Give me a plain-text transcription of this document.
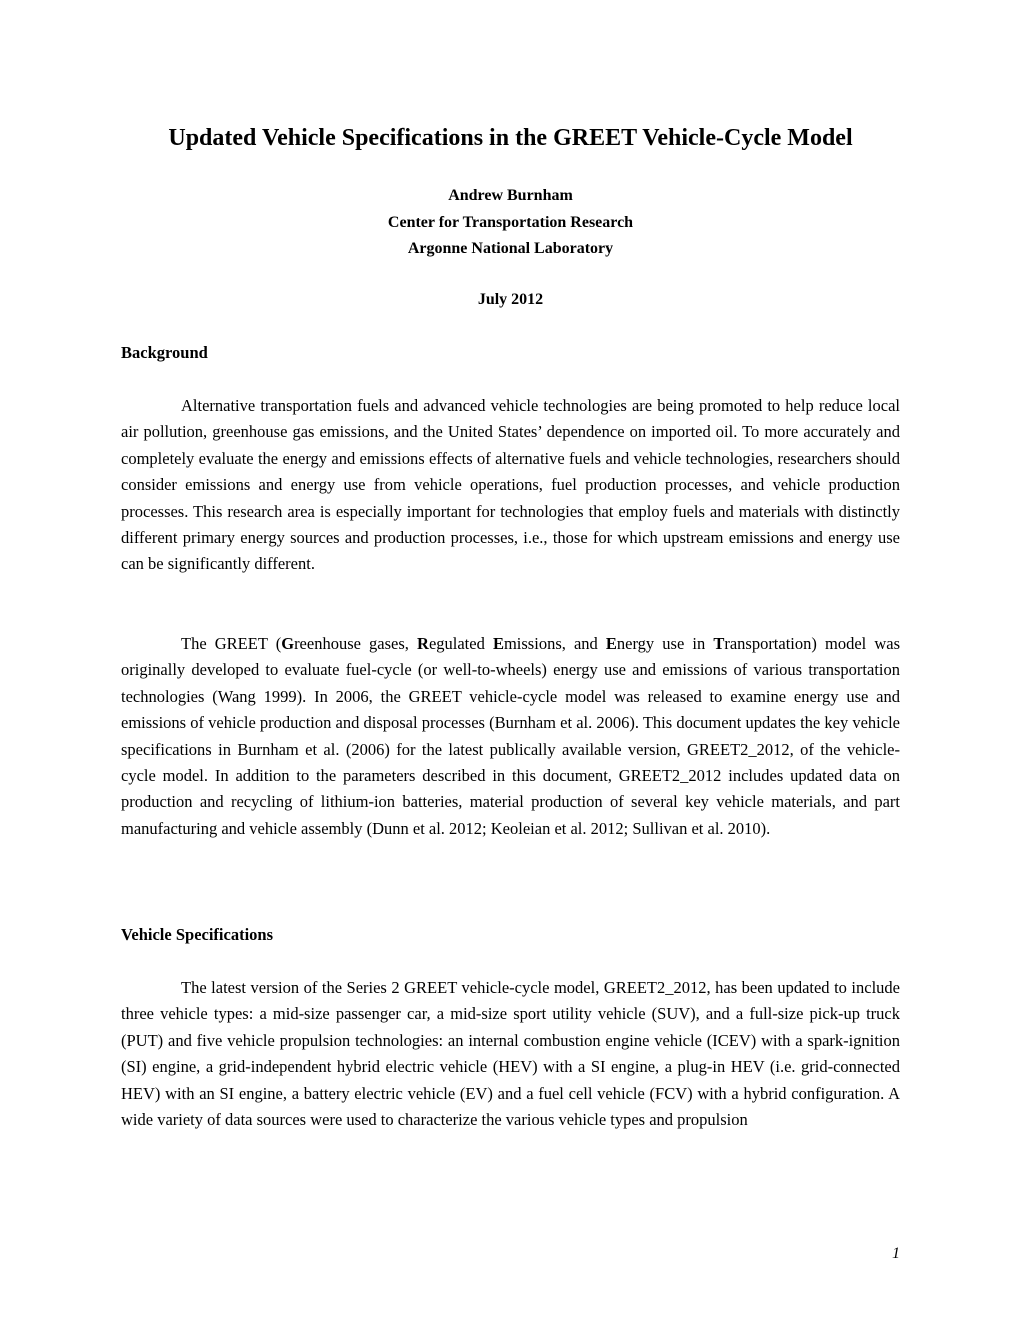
Updated Vehicle Specifications in the GREET Vehicle-Cycle Model
Andrew Burnham
Center for Transportation Research
Argonne National Laboratory
July 2012
Background

Alternative transportation fuels and advanced vehicle technologies are being promoted to help reduce local air pollution, greenhouse gas emissions, and the United States’ dependence on imported oil. To more accurately and completely evaluate the energy and emissions effects of alternative fuels and vehicle technologies, researchers should consider emissions and energy use from vehicle operations, fuel production processes, and vehicle production processes. This research area is especially important for technologies that employ fuels and materials with distinctly different primary energy sources and production processes, i.e., those for which upstream emissions and energy use can be significantly different.

The GREET (Greenhouse gases, Regulated Emissions, and Energy use in Transportation) model was originally developed to evaluate fuel-cycle (or well-to-wheels) energy use and emissions of various transportation technologies (Wang 1999). In 2006, the GREET vehicle-cycle model was released to examine energy use and emissions of vehicle production and disposal processes (Burnham et al. 2006). This document updates the key vehicle specifications in Burnham et al. (2006) for the latest publically available version, GREET2_2012, of the vehicle-cycle model. In addition to the parameters described in this document, GREET2_2012 includes updated data on production and recycling of lithium-ion batteries, material production of several key vehicle materials, and part manufacturing and vehicle assembly (Dunn et al. 2012; Keoleian et al. 2012; Sullivan et al. 2010).

Vehicle Specifications

The latest version of the Series 2 GREET vehicle-cycle model, GREET2_2012, has been updated to include three vehicle types: a mid-size passenger car, a mid-size sport utility vehicle (SUV), and a full-size pick-up truck (PUT) and five vehicle propulsion technologies: an internal combustion engine vehicle (ICEV) with a spark-ignition (SI) engine, a grid-independent hybrid electric vehicle (HEV) with a SI engine, a plug-in HEV (i.e. grid-connected HEV) with an SI engine, a battery electric vehicle (EV) and a fuel cell vehicle (FCV) with a hybrid configuration. A wide variety of data sources were used to characterize the various vehicle types and propulsion

1
